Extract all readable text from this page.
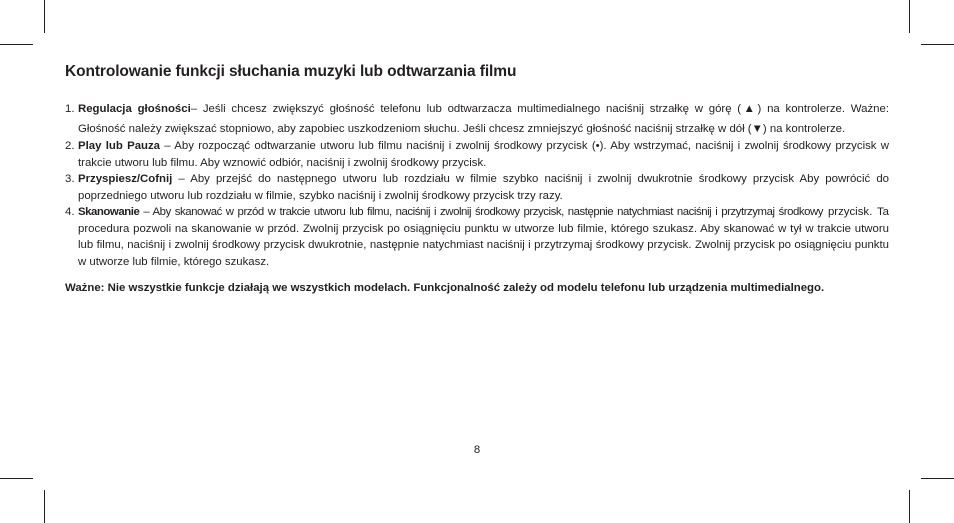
Kontrolowanie funkcji słuchania muzyki lub odtwarzania filmu
1. Regulacja głośności– Jeśli chcesz zwiększyć głośność telefonu lub odtwarzacza multimedialnego naciśnij strzałkę w górę (▲) na kontrolerze. Ważne: Głośność należy zwiększać stopniowo, aby zapobiec uszkodzeniom słuchu. Jeśli chcesz zmniejszyć głośność naciśnij strzałkę w dół (▼) na kontrolerze.
2. Play lub Pauza – Aby rozpocząć odtwarzanie utworu lub filmu naciśnij i zwolnij środkowy przycisk (•). Aby wstrzymać, naciśnij i zwolnij środkowy przycisk w trakcie utworu lub filmu. Aby wznowić odbiór, naciśnij i zwolnij środkowy przycisk.
3. Przyspiesz/Cofnij – Aby przejść do następnego utworu lub rozdziału w filmie szybko naciśnij i zwolnij dwukrotnie środkowy przycisk Aby powrócić do poprzedniego utworu lub rozdziału w filmie, szybko naciśnij i zwolnij środkowy przycisk trzy razy.
4. Skanowanie – Aby skanować w przód w trakcie utworu lub filmu, naciśnij i zwolnij środkowy przycisk, następnie natychmiast naciśnij i przytrzymaj środkowy przycisk. Ta procedura pozwoli na skanowanie w przód. Zwolnij przycisk po osiągnięciu punktu w utworze lub filmie, którego szukasz. Aby skanować w tył w trakcie utworu lub filmu, naciśnij i zwolnij środkowy przycisk dwukrotnie, następnie natychmiast naciśnij i przytrzymaj środkowy przycisk. Zwolnij przycisk po osiągnięciu punktu w utworze lub filmie, którego szukasz.
Ważne: Nie wszystkie funkcje działają we wszystkich modelach. Funkcjonalność zależy od modelu telefonu lub urządzenia multimedialnego.
8
